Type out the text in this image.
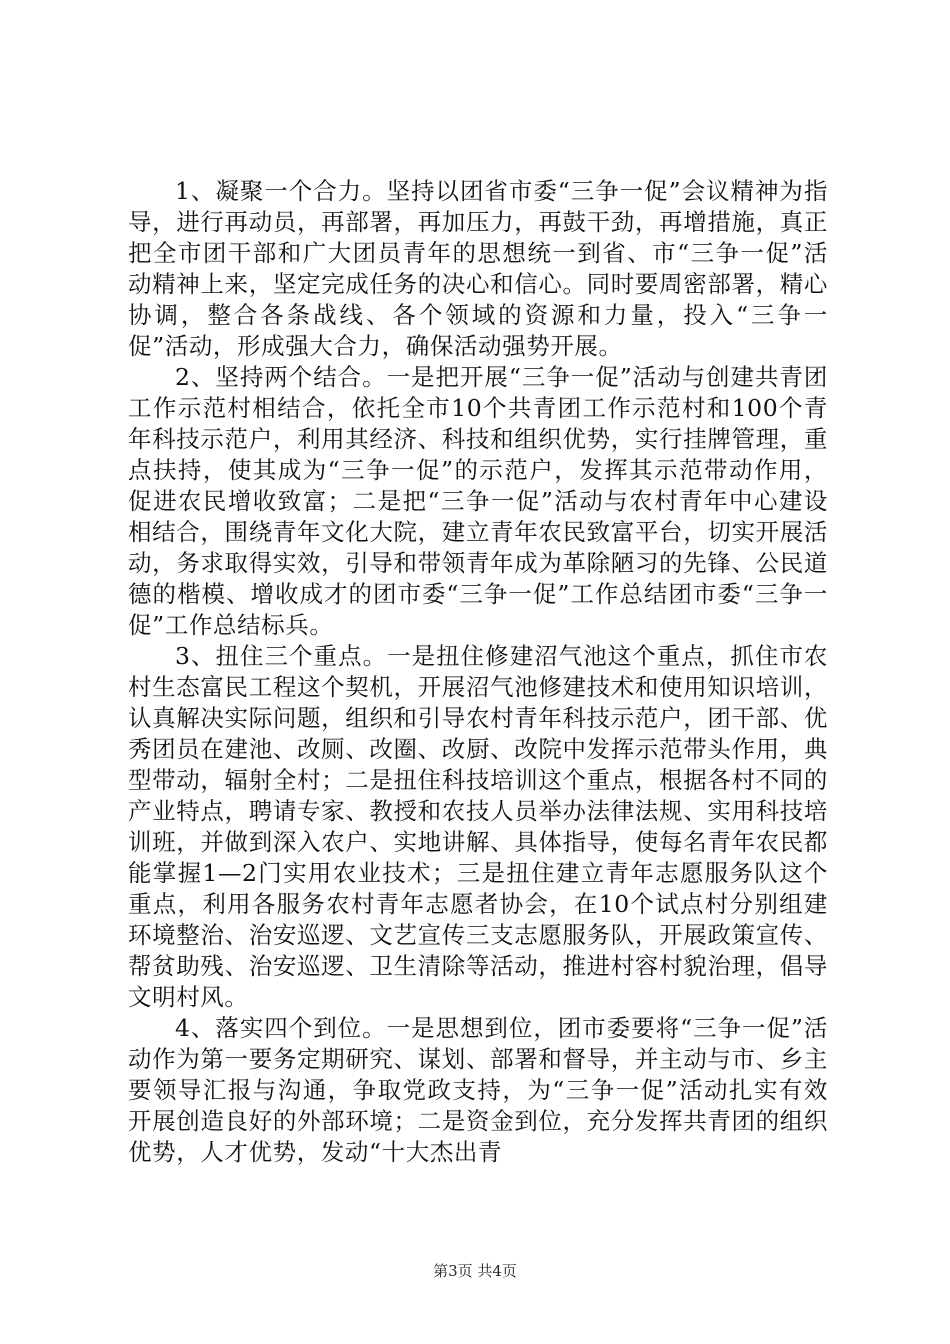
1、凝聚一个合力。坚持以团省市委“三争一促”会议精神为指导，进行再动员，再部署，再加压力，再鼓干劲，再增措施，真正把全市团干部和广大团员青年的思想统一到省、市“三争一促”活动精神上来，坚定完成任务的决心和信心。同时要周密部署，精心协调，整合各条战线、各个领域的资源和力量，投入“三争一促”活动，形成强大合力，确保活动强势开展。

2、坚持两个结合。一是把开展“三争一促”活动与创建共青团工作示范村相结合，依托全市10个共青团工作示范村和100个青年科技示范户，利用其经济、科技和组织优势，实行挂牌管理，重点扶持，使其成为“三争一促”的示范户，发挥其示范带动作用，促进农民增收致富；二是把“三争一促”活动与农村青年中心建设相结合，围绕青年文化大院，建立青年农民致富平台，切实开展活动，务求取得实效，引导和带领青年成为革除陋习的先锋、公民道德的楷模、增收成才的团市委“三争一促”工作总结团市委“三争一促”工作总结标兵。

3、扭住三个重点。一是扭住修建沼气池这个重点，抓住市农村生态富民工程这个契机，开展沼气池修建技术和使用知识培训，认真解决实际问题，组织和引导农村青年科技示范户，团干部、优秀团员在建池、改厕、改圈、改厨、改院中发挥示范带头作用，典型带动，辐射全村；二是扭住科技培训这个重点，根据各村不同的产业特点，聘请专家、教授和农技人员举办法律法规、实用科技培训班，并做到深入农户、实地讲解、具体指导，使每名青年农民都能掌握1—2门实用农业技术；三是扭住建立青年志愿服务队这个重点，利用各服务农村青年志愿者协会，在10个试点村分别组建环境整治、治安巡逻、文艺宣传三支志愿服务队，开展政策宣传、帮贫助残、治安巡逻、卫生清除等活动，推进村容村貌治理，倡导文明村风。

4、落实四个到位。一是思想到位，团市委要将“三争一促”活动作为第一要务定期研究、谋划、部署和督导，并主动与市、乡主要领导汇报与沟通，争取党政支持，为“三争一促”活动扎实有效开展创造良好的外部环境；二是资金到位，充分发挥共青团的组织优势，人才优势，发动“十大杰出青

第3页 共4页
